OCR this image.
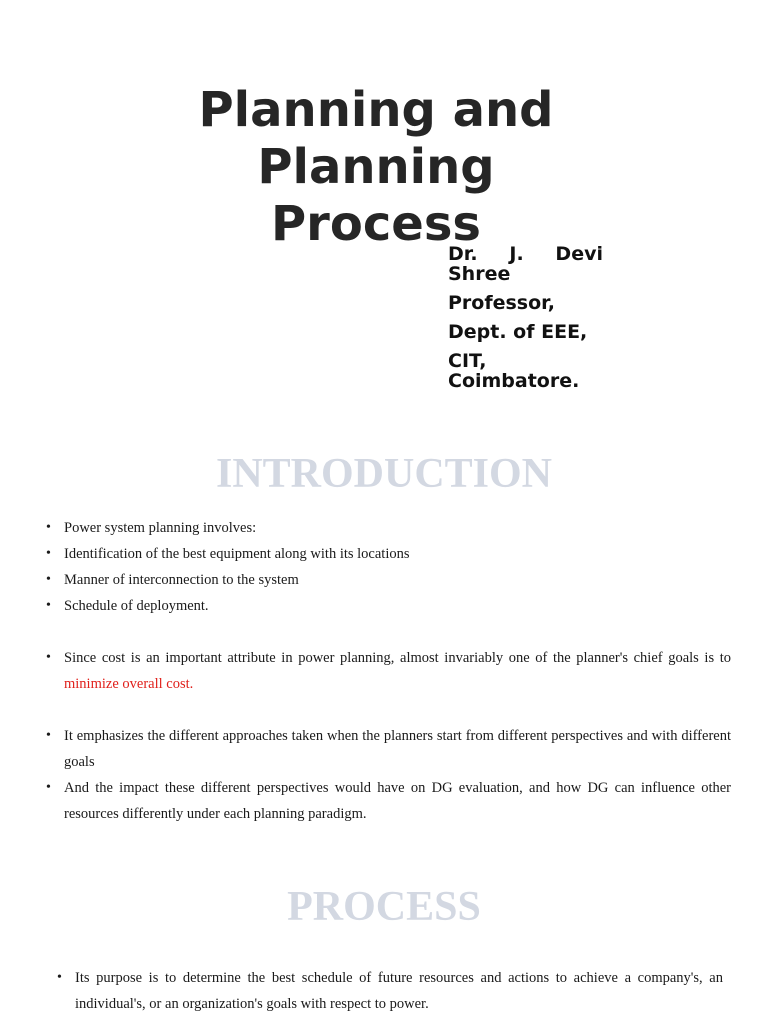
Planning and
Planning
Process

Dr. J. Devi Shree

Professor,

Dept. of EEE,

CIT, Coimbatore.

INTRODUCTION
• Power system planning involves:
• Identification of the best equipment along with its locations
• Manner of interconnection to the system
• Schedule of deployment.
• Since cost is an important attribute in power planning, almost invariably one of the planner's chief goals is to minimize overall cost.
• It emphasizes the different approaches taken when the planners start from different perspectives and with different goals
• And the impact these different perspectives would have on DG evaluation, and how DG can influence other resources differently under each planning paradigm.
PROCESS
• Its purpose is to determine the best schedule of future resources and actions to achieve a company's, an individual's, or an organization's goals with respect to power.
